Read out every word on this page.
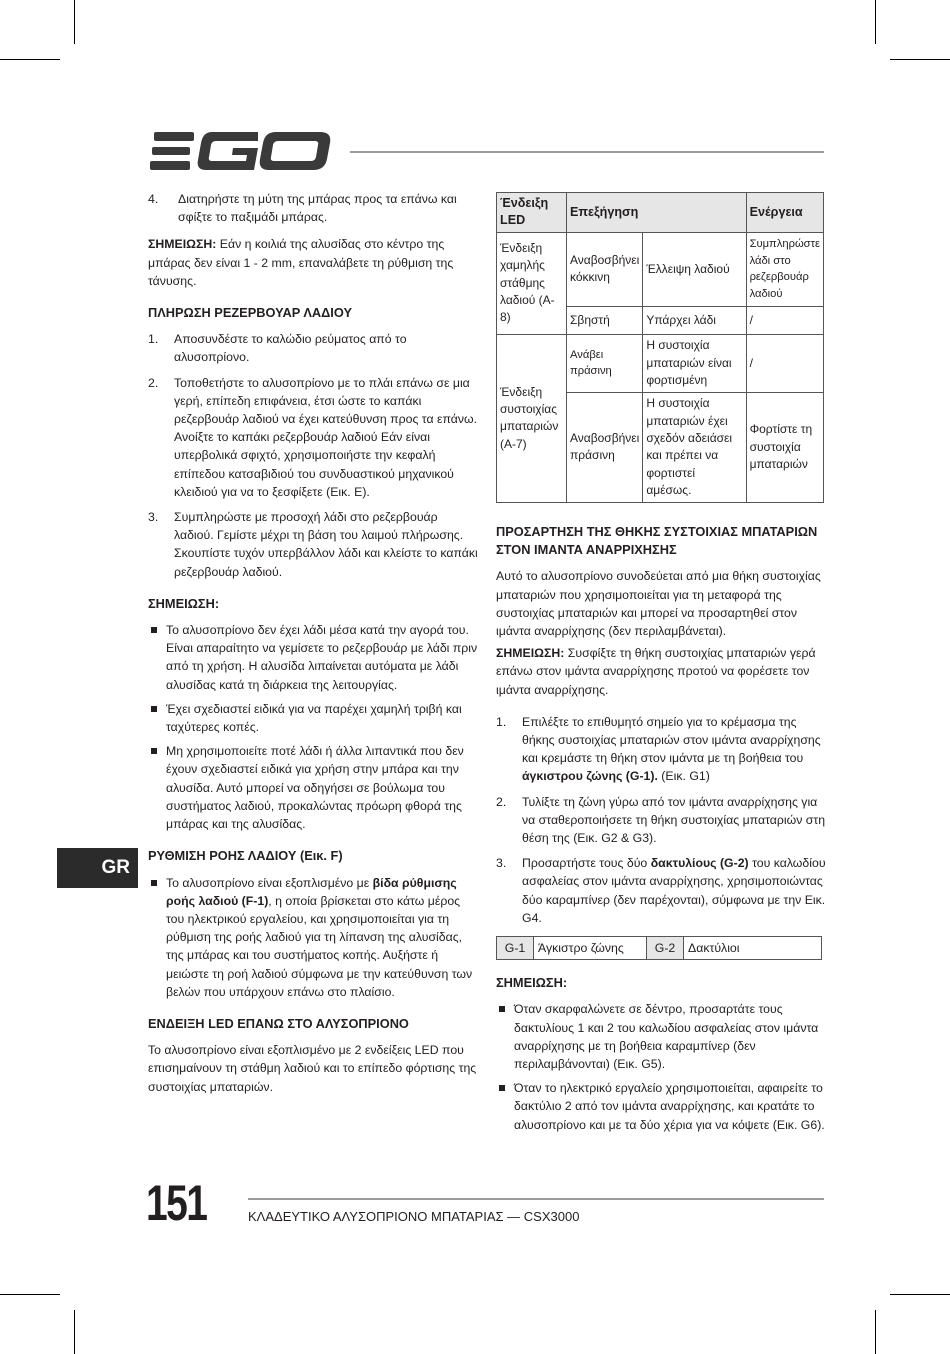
4.	Διατηρήστε τη μύτη της μπάρας προς τα επάνω και σφίξτε το παξιμάδι μπάρας.

ΣΗΜΕΙΩΣΗ: Εάν η κοιλιά της αλυσίδας στο κέντρο της μπάρας δεν είναι 1 - 2 mm, επαναλάβετε τη ρύθμιση της τάνυσης.

ΠΛΗΡΩΣΗ ΡΕΖΕΡΒΟΥΑΡ ΛΑΔΙΟΥ
1. Αποσυνδέστε το καλώδιο ρεύματος από το αλυσοπρίονο.
2. Τοποθετήστε το αλυσοπρίονο με το πλάι επάνω σε μια γερή, επίπεδη επιφάνεια, έτσι ώστε το καπάκι ρεζερβουάρ λαδιού να έχει κατεύθυνση προς τα επάνω. Ανοίξτε το καπάκι ρεζερβουάρ λαδιού Εάν είναι υπερβολικά σφιχτό, χρησιμοποιήστε την κεφαλή επίπεδου κατσαβιδιού του συνδυαστικού μηχανικού κλειδιού για να το ξεσφίξετε (Εικ. E).
3. Συμπληρώστε με προσοχή λάδι στο ρεζερβουάρ λαδιού. Γεμίστε μέχρι τη βάση του λαιμού πλήρωσης. Σκουπίστε τυχόν υπερβάλλον λάδι και κλείστε το καπάκι ρεζερβουάρ λαδιού.
ΣΗΜΕΙΩΣΗ:
Το αλυσοπρίονο δεν έχει λάδι μέσα κατά την αγορά του. Είναι απαραίτητο να γεμίσετε το ρεζερβουάρ με λάδι πριν από τη χρήση. Η αλυσίδα λιπαίνεται αυτόματα με λάδι αλυσίδας κατά τη διάρκεια της λειτουργίας.
Έχει σχεδιαστεί ειδικά για να παρέχει χαμηλή τριβή και ταχύτερες κοπές.
Μη χρησιμοποιείτε ποτέ λάδι ή άλλα λιπαντικά που δεν έχουν σχεδιαστεί ειδικά για χρήση στην μπάρα και την αλυσίδα. Αυτό μπορεί να οδηγήσει σε βούλωμα του συστήματος λαδιού, προκαλώντας πρόωρη φθορά της μπάρας και της αλυσίδας.
ΡΥΘΜΙΣΗ ΡΟΗΣ ΛΑΔΙΟΥ (Εικ. F)
Το αλυσοπρίονο είναι εξοπλισμένο με βίδα ρύθμισης ροής λαδιού (F-1), η οποία βρίσκεται στο κάτω μέρος του ηλεκτρικού εργαλείου, και χρησιμοποιείται για τη ρύθμιση της ροής λαδιού για τη λίπανση της αλυσίδας, της μπάρας και του συστήματος κοπής. Αυξήστε ή μειώστε τη ροή λαδιού σύμφωνα με την κατεύθυνση των βελών που υπάρχουν επάνω στο πλαίσιο.
ΕΝΔΕΙΞΗ LED ΕΠΑΝΩ ΣΤΟ ΑΛΥΣΟΠΡΙΟΝΟ

Το αλυσοπρίονο είναι εξοπλισμένο με 2 ενδείξεις LED που επισημαίνουν τη στάθμη λαδιού και το επίπεδο φόρτισης της συστοιχίας μπαταριών.

Ένδειξη LED	Επεξήγηση		Ενέργεια
Ένδειξη χαμηλής στάθμης λαδιού (A-8)	Αναβοσβήνει κόκκινη	Έλλειψη λαδιού	Συμπληρώστε λάδι στο ρεζερβουάρ λαδιού
	Σβηστή	Υπάρχει λάδι	/
Ένδειξη συστοιχίας μπαταριών (A-7)	Ανάβει πράσινη	Η συστοιχία μπαταριών είναι φορτισμένη	/
	Αναβοσβήνει πράσινη	Η συστοιχία μπαταριών έχει σχεδόν αδειάσει και πρέπει να φορτιστεί αμέσως.	Φορτίστε τη συστοιχία μπαταριών
ΠΡΟΣΑΡΤΗΣΗ ΤΗΣ ΘΗΚΗΣ ΣΥΣΤΟΙΧΙΑΣ ΜΠΑΤΑΡΙΩΝ ΣΤΟΝ ΙΜΑΝΤΑ ΑΝΑΡΡΙΧΗΣΗΣ

Αυτό το αλυσοπρίονο συνοδεύεται από μια θήκη συστοιχίας μπαταριών που χρησιμοποιείται για τη μεταφορά της συστοιχίας μπαταριών και μπορεί να προσαρτηθεί στον ιμάντα αναρρίχησης (δεν περιλαμβάνεται).

ΣΗΜΕΙΩΣΗ: Συσφίξτε τη θήκη συστοιχίας μπαταριών γερά επάνω στον ιμάντα αναρρίχησης προτού να φορέσετε τον ιμάντα αναρρίχησης.

1. Επιλέξτε το επιθυμητό σημείο για το κρέμασμα της θήκης συστοιχίας μπαταριών στον ιμάντα αναρρίχησης και κρεμάστε τη θήκη στον ιμάντα με τη βοήθεια του άγκιστρου ζώνης (G-1). (Εικ. G1)
2. Τυλίξτε τη ζώνη γύρω από τον ιμάντα αναρρίχησης για να σταθεροποιήσετε τη θήκη συστοιχίας μπαταριών στη θέση της (Εικ. G2 & G3).
3. Προσαρτήστε τους δύο δακτυλίους (G-2) του καλωδίου ασφαλείας στον ιμάντα αναρρίχησης, χρησιμοποιώντας δύο καραμπίνερ (δεν παρέχονται), σύμφωνα με την Εικ. G4.
G-1	Άγκιστρο ζώνης	G-2	Δακτύλιοι
ΣΗΜΕΙΩΣΗ:
Όταν σκαρφαλώνετε σε δέντρο, προσαρτάτε τους δακτυλίους 1 και 2 του καλωδίου ασφαλείας στον ιμάντα αναρρίχησης με τη βοήθεια καραμπίνερ (δεν περιλαμβάνονται) (Εικ. G5).
Όταν το ηλεκτρικό εργαλείο χρησιμοποιείται, αφαιρείτε το δακτύλιο 2 από τον ιμάντα αναρρίχησης, και κρατάτε το αλυσοπρίονο και με τα δύο χέρια για να κόψετε (Εικ. G6).
GR
151	ΚΛΑΔΕΥΤΙΚΟ ΑΛΥΣΟΠΡΙΟΝΟ ΜΠΑΤΑΡΙΑΣ — CSX3000
